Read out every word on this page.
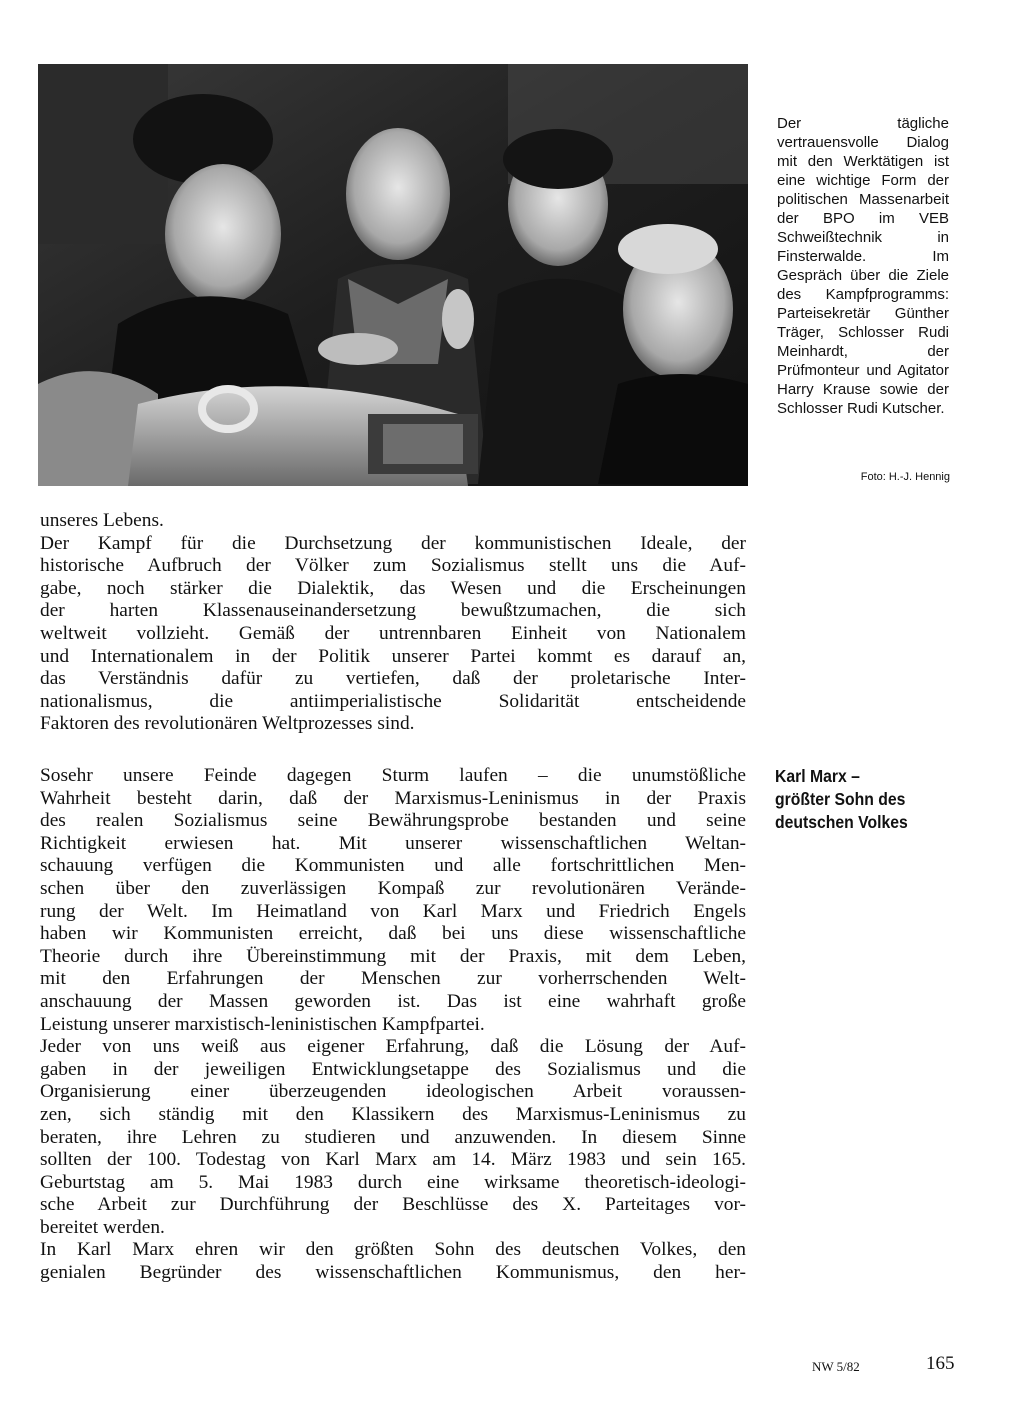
Der tägliche vertrauensvolle Dialog mit den Werktätigen ist eine wichtige Form der politischen Massenarbeit der BPO im VEB Schweißtechnik in Finsterwalde. Im Gespräch über die Ziele des Kampfprogramms: Parteisekretär Günther Träger, Schlosser Rudi Meinhardt, der Prüfmonteur und Agitator Harry Krause sowie der Schlosser Rudi Kutscher.

Foto: H.-J. Hennig

unseres Lebens.
Der Kampf für die Durchsetzung der kommunistischen Ideale, der
historische Aufbruch der Völker zum Sozialismus stellt uns die Auf-
gabe, noch stärker die Dialektik, das Wesen und die Erscheinungen
der harten Klassenauseinandersetzung bewußtzumachen, die sich
weltweit vollzieht. Gemäß der untrennbaren Einheit von Nationalem
und Internationalem in der Politik unserer Partei kommt es darauf an,
das Verständnis dafür zu vertiefen, daß der proletarische Inter-
nationalismus, die antiimperialistische Solidarität entscheidende
Faktoren des revolutionären Weltprozesses sind.
Karl Marx –
größter Sohn des
deutschen Volkes
Sosehr unsere Feinde dagegen Sturm laufen – die unumstößliche
Wahrheit besteht darin, daß der Marxismus-Leninismus in der Praxis
des realen Sozialismus seine Bewährungsprobe bestanden und seine
Richtigkeit erwiesen hat. Mit unserer wissenschaftlichen Weltan-
schauung verfügen die Kommunisten und alle fortschrittlichen Men-
schen über den zuverlässigen Kompaß zur revolutionären Verände-
rung der Welt. Im Heimatland von Karl Marx und Friedrich Engels
haben wir Kommunisten erreicht, daß bei uns diese wissenschaftliche
Theorie durch ihre Übereinstimmung mit der Praxis, mit dem Leben,
mit den Erfahrungen der Menschen zur vorherrschenden Welt-
anschauung der Massen geworden ist. Das ist eine wahrhaft große
Leistung unserer marxistisch-leninistischen Kampfpartei.
Jeder von uns weiß aus eigener Erfahrung, daß die Lösung der Auf-
gaben in der jeweiligen Entwicklungsetappe des Sozialismus und die
Organisierung einer überzeugenden ideologischen Arbeit voraussen-
zen, sich ständig mit den Klassikern des Marxismus-Leninismus zu
beraten, ihre Lehren zu studieren und anzuwenden. In diesem Sinne
sollten der 100. Todestag von Karl Marx am 14. März 1983 und sein 165.
Geburtstag am 5. Mai 1983 durch eine wirksame theoretisch-ideologi-
sche Arbeit zur Durchführung der Beschlüsse des X. Parteitages vor-
bereitet werden.
In Karl Marx ehren wir den größten Sohn des deutschen Volkes, den
genialen Begründer des wissenschaftlichen Kommunismus, den her-
NW 5/82	165
